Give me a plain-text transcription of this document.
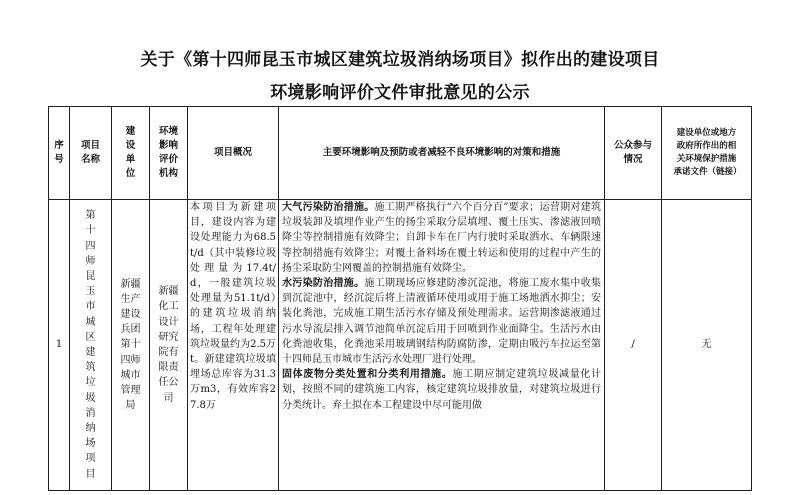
关于《第十四师昆玉市城区建筑垃圾消纳场项目》拟作出的建设项目
环境影响评价文件审批意见的公示
序号	项目名称	建设单位	环境影响评价机构	项目概况	主要环境影响及预防或者减轻不良环境影响的对策和措施	公众参与情况	建设单位或地方政府所作出的相关环境保护措施承诺文件（链接）
1	第十四师昆玉市城区建筑垃圾消纳场项目	新疆生产建设兵团第十四师城市管理局	新疆化工设计研究院有限责任公司	本项目为新建项目，建设内容为建设处理能力为68.5t/d（其中装修垃圾处理量为17.4t/d，一般建筑垃圾处理量为51.1t/d）的建筑垃圾消纳场，工程年处理建筑垃圾量约为2.5万t。新建建筑垃圾填埋场总库容为31.3万m3，有效库容27.8万	大气污染防治措施。施工期严格执行“六个百分百”要求；运营期对建筑垃圾装卸及填埋作业产生的扬尘采取分层填埋、覆土压实、渗滤液回喷降尘等控制措施有效降尘；自卸卡车在厂内行驶时采取洒水、车辆限速等控制措施有效降尘；对覆土备料场在覆土转运和使用的过程中产生的扬尘采取防尘网覆盖的控制措施有效降尘。
水污染防治措施。施工期现场应修建防渗沉淀池，将施工废水集中收集到沉淀池中，经沉淀后将上清液循环使用或用于施工场地洒水抑尘；安装化粪池，完成施工期生活污水存储及预处理需求。运营期渗滤液通过污水导流层排入调节池简单沉淀后用于回喷到作业面降尘。生活污水由化粪池收集，化粪池采用玻璃钢结构防腐防渗，定期由吸污车拉运至第十四师昆玉市城市生活污水处理厂进行处理。
固体废物分类处置和分类利用措施。施工期应制定建筑垃圾减量化计划，按照不同的建筑施工内容，核定建筑垃圾排放量，对建筑垃圾进行分类统计。弃土拟在本工程建设中尽可能用做	/	无
